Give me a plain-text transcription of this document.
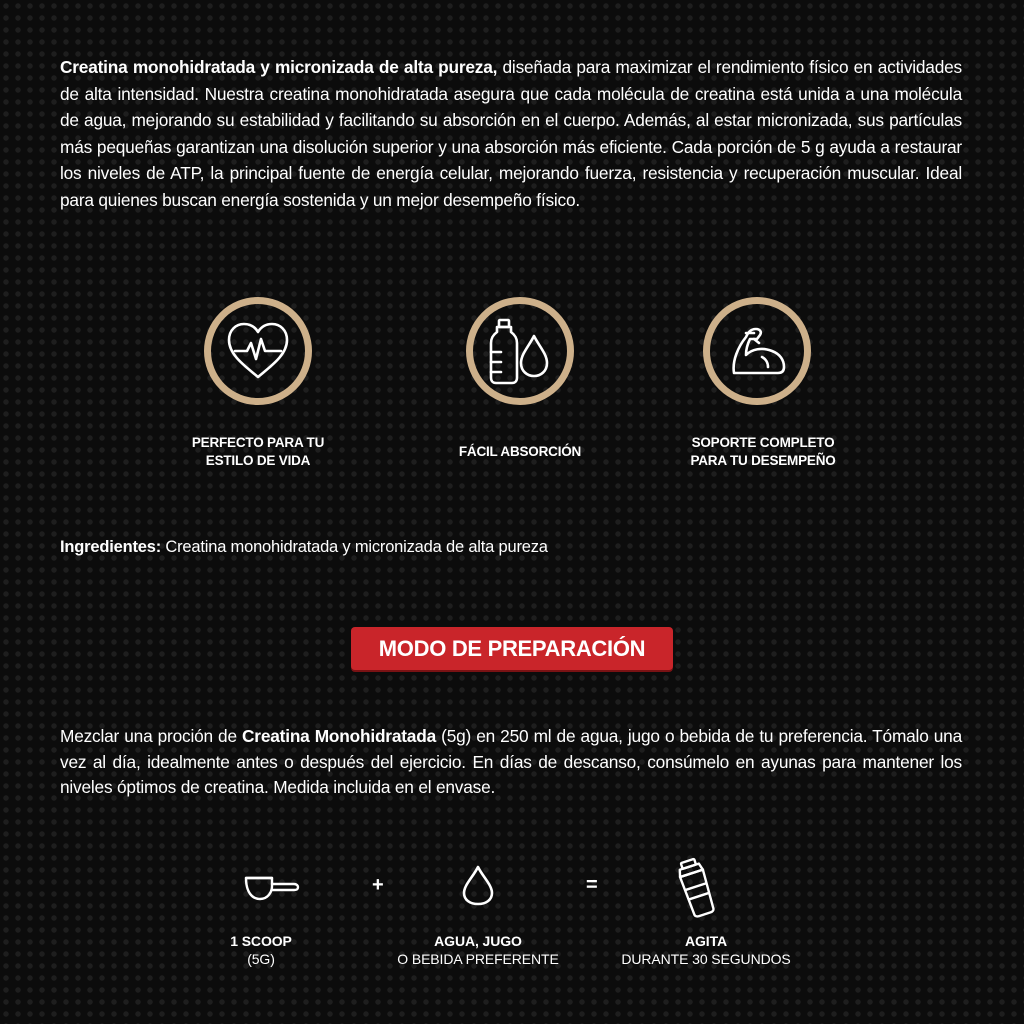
Creatina monohidratada y micronizada de alta pureza, diseñada para maximizar el rendimiento físico en actividades de alta intensidad. Nuestra creatina monohidratada asegura que cada molécula de creatina está unida a una molécula de agua, mejorando su estabilidad y facilitando su absorción en el cuerpo. Además, al estar micronizada, sus partículas más pequeñas garantizan una disolución superior y una absorción más eficiente. Cada porción de 5 g ayuda a restaurar los niveles de ATP, la principal fuente de energía celular, mejorando fuerza, resistencia y recuperación muscular. Ideal para quienes buscan energía sostenida y un mejor desempeño físico.

PERFECTO PARA TU
ESTILO DE VIDA
FÁCIL ABSORCIÓN
SOPORTE COMPLETO
PARA TU DESEMPEÑO
Ingredientes: Creatina monohidratada y micronizada de alta pureza
MODO DE PREPARACIÓN

Mezclar una proción de Creatina Monohidratada (5g) en 250 ml de agua, jugo o bebida de tu preferencia. Tómalo una vez al día, idealmente antes o después del ejercicio. En días de descanso, consúmelo en ayunas para mantener los niveles óptimos de creatina. Medida incluida en el envase.

+	=
1 SCOOP
(5G)
AGUA, JUGO
O BEBIDA PREFERENTE
AGITA
DURANTE 30 SEGUNDOS
